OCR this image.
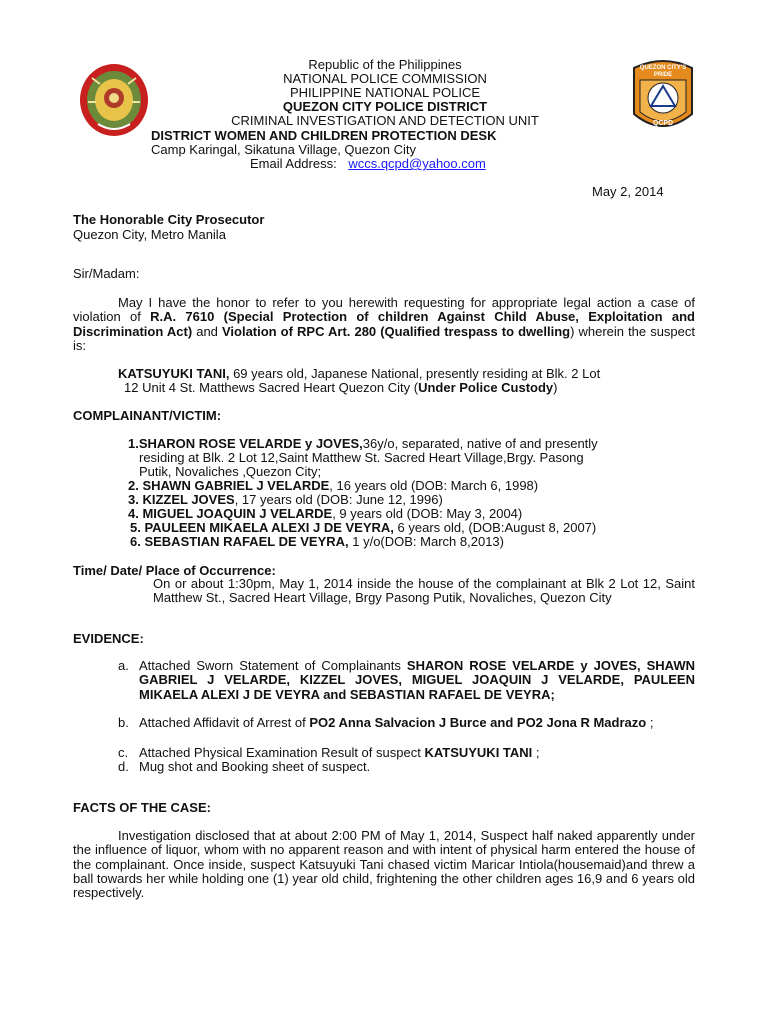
QUEZON CITY'S PRIDE
QCPD
Republic of the Philippines
NATIONAL POLICE COMMISSION
PHILIPPINE NATIONAL POLICE
QUEZON CITY POLICE DISTRICT
CRIMINAL INVESTIGATION AND DETECTION UNIT
DISTRICT WOMEN AND CHILDREN PROTECTION DESK
Camp Karingal, Sikatuna Village, Quezon City
Email Address: wccs.qcpd@yahoo.com
May 2, 2014
The Honorable City Prosecutor
Quezon City, Metro Manila
Sir/Madam:
May I have the honor to refer to you herewith requesting for appropriate legal action a case of violation of R.A. 7610 (Special Protection of children Against Child Abuse, Exploitation and Discrimination Act) and Violation of RPC Art. 280 (Qualified trespass to dwelling) wherein the suspect is:
KATSUYUKI TANI, 69 years old, Japanese National, presently residing at Blk. 2 Lot
12 Unit 4 St. Matthews Sacred Heart Quezon City (Under Police Custody)
COMPLAINANT/VICTIM:
1.SHARON ROSE VELARDE y JOVES,36y/o, separated, native of and presently
residing at Blk. 2 Lot 12,Saint Matthew St. Sacred Heart Village,Brgy. Pasong
Putik, Novaliches ,Quezon City;
2. SHAWN GABRIEL J VELARDE, 16 years old (DOB: March 6, 1998)
3. KIZZEL JOVES, 17 years old (DOB: June 12, 1996)
4. MIGUEL JOAQUIN J VELARDE, 9 years old (DOB: May 3, 2004)
5. PAULEEN MIKAELA ALEXI J DE VEYRA, 6 years old, (DOB:August 8, 2007)
6. SEBASTIAN RAFAEL DE VEYRA, 1 y/o(DOB: March 8,2013)
Time/ Date/ Place of Occurrence:
On or about 1:30pm, May 1, 2014 inside the house of the complainant at Blk 2 Lot 12, Saint Matthew St., Sacred Heart Village, Brgy Pasong Putik, Novaliches, Quezon City
EVIDENCE:
a. Attached Sworn Statement of Complainants SHARON ROSE VELARDE y JOVES, SHAWN GABRIEL J VELARDE, KIZZEL JOVES, MIGUEL JOAQUIN J VELARDE, PAULEEN MIKAELA ALEXI J DE VEYRA and SEBASTIAN RAFAEL DE VEYRA;
b. Attached Affidavit of Arrest of PO2 Anna Salvacion J Burce and PO2 Jona R Madrazo ;
c. Attached Physical Examination Result of suspect KATSUYUKI TANI ;
d. Mug shot and Booking sheet of suspect.
FACTS OF THE CASE:
Investigation disclosed that at about 2:00 PM of May 1, 2014, Suspect half naked apparently under the influence of liquor, whom with no apparent reason and with intent of physical harm entered the house of the complainant. Once inside, suspect Katsuyuki Tani chased victim Maricar Intiola(housemaid)and threw a ball towards her while holding one (1) year old child, frightening the other children ages 16,9 and 6 years old respectively.
